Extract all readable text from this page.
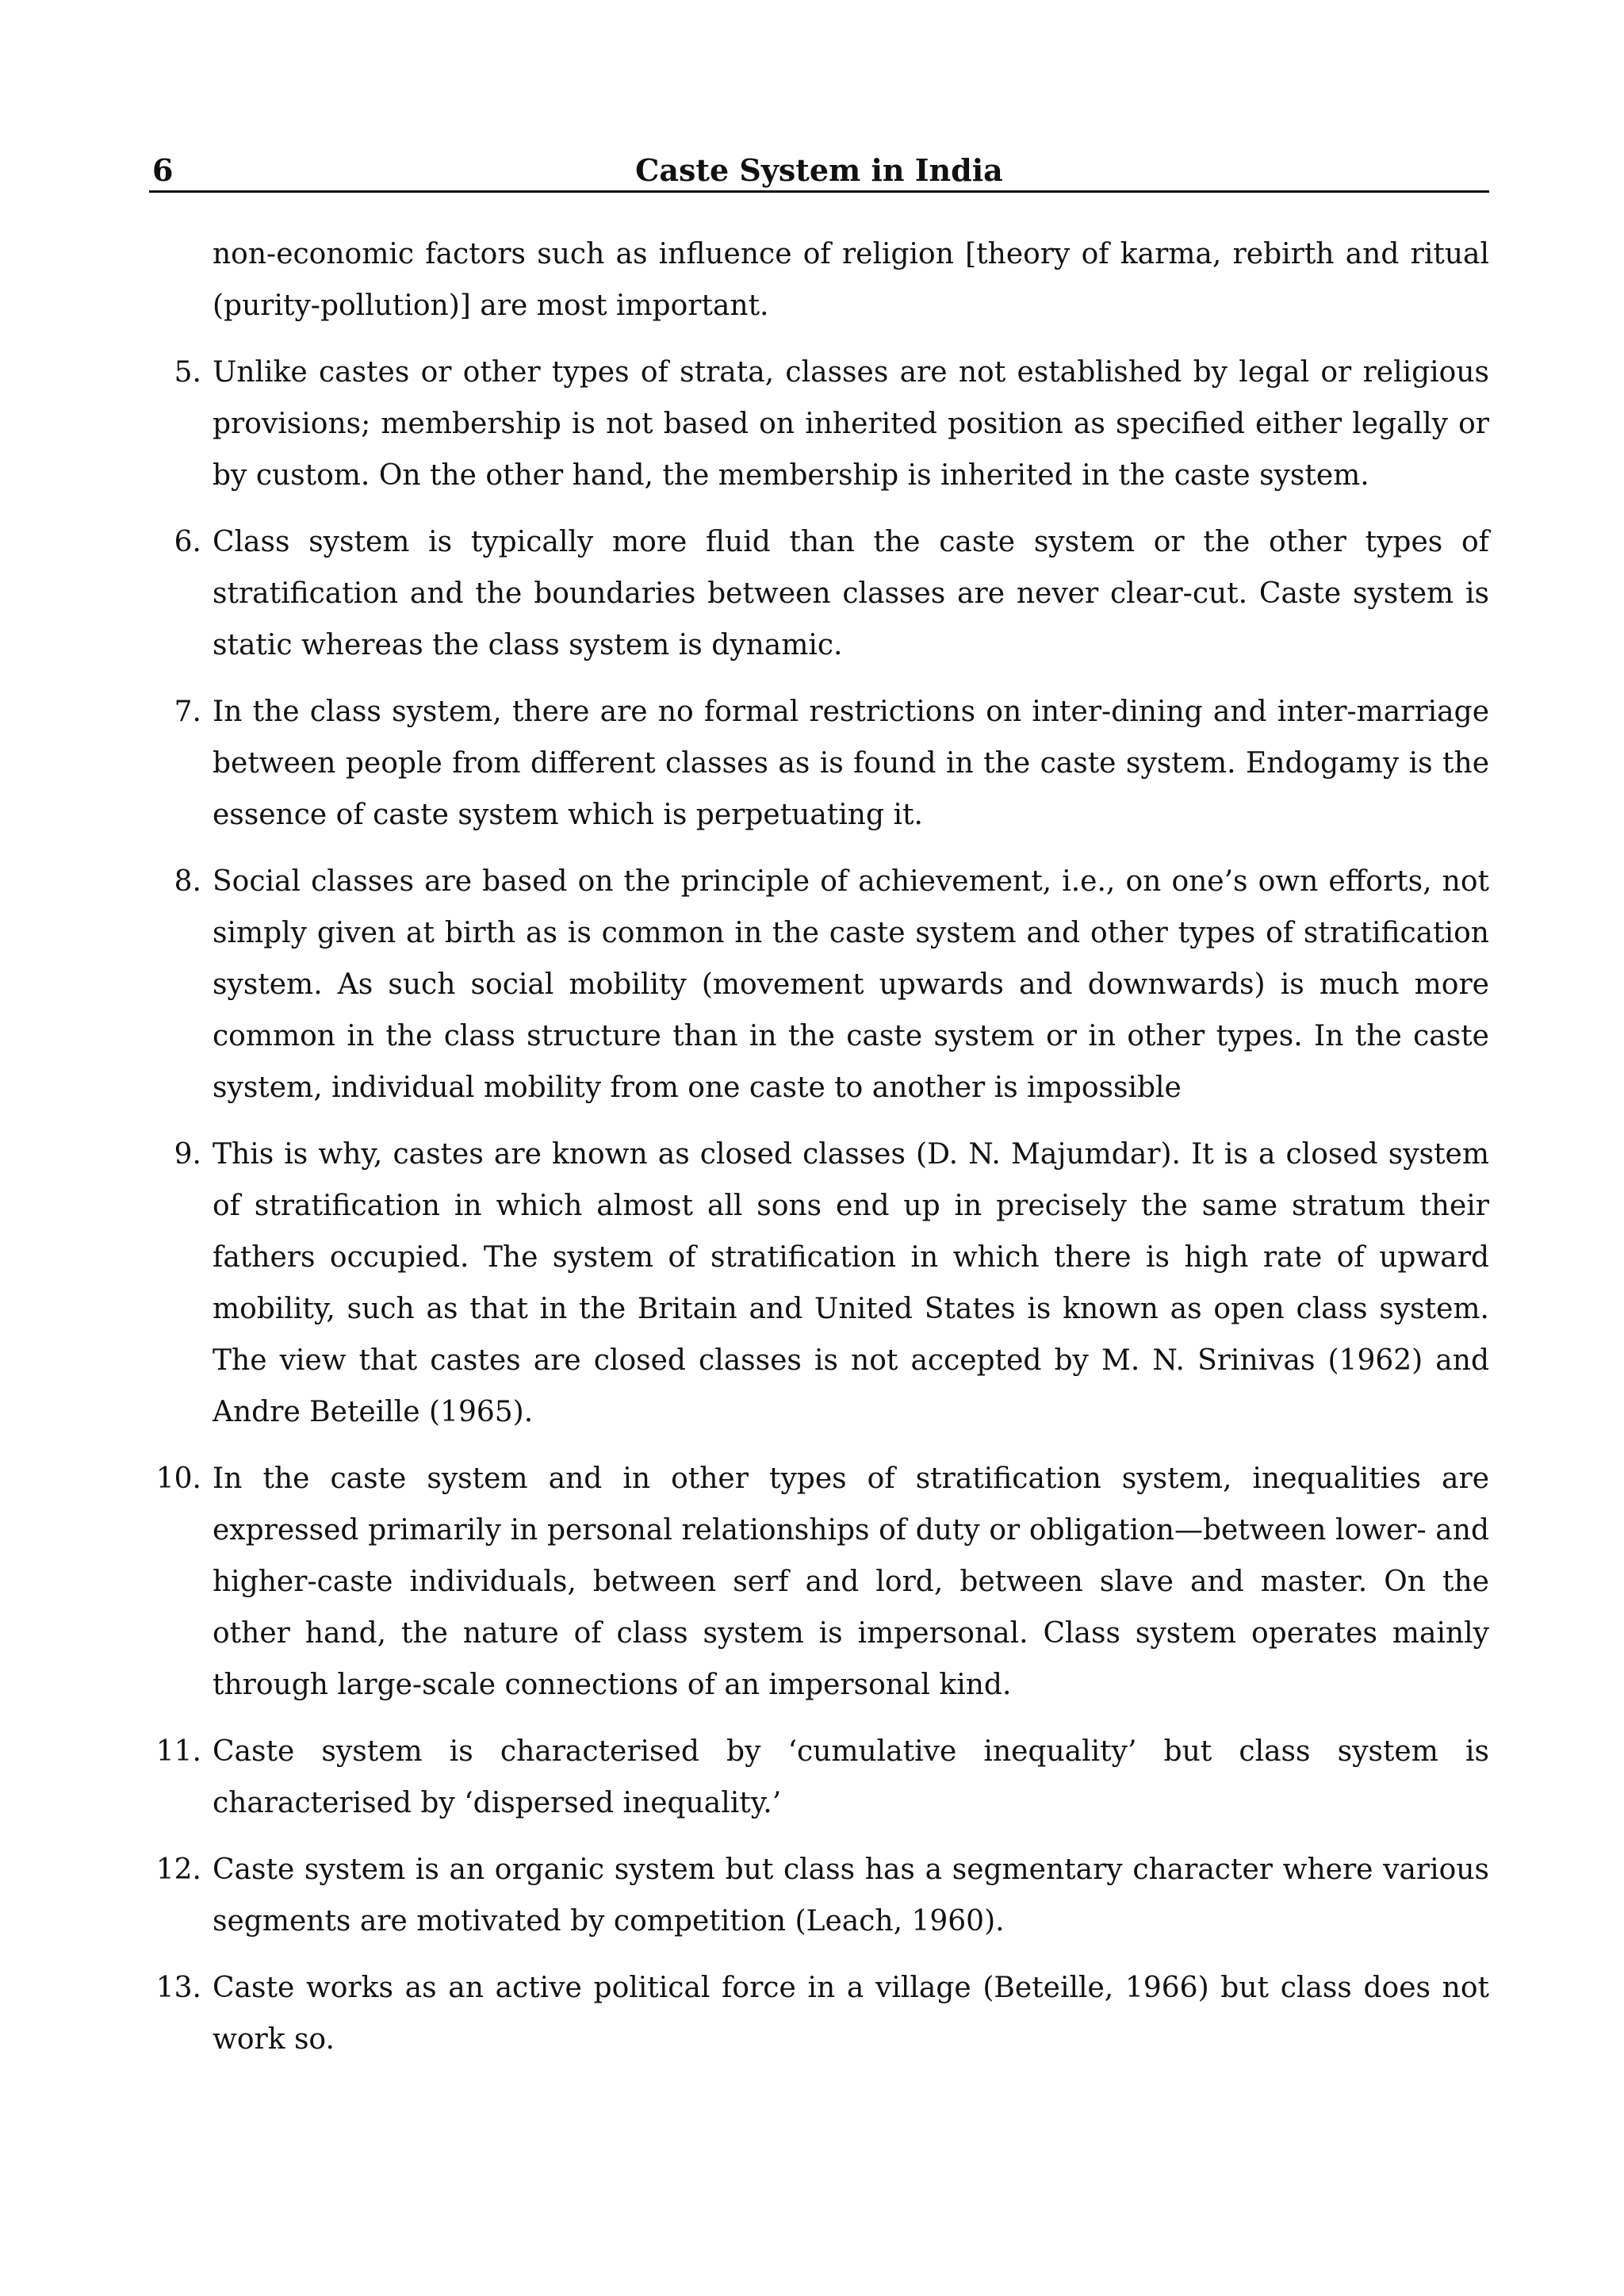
6	Caste System in India

non-economic factors such as influence of religion [theory of karma, rebirth and ritual (purity-pollution)] are most important.

5. Unlike castes or other types of strata, classes are not established by legal or religious provisions; membership is not based on inherited position as specified either legally or by custom. On the other hand, the membership is inherited in the caste system.
6. Class system is typically more fluid than the caste system or the other types of stratification and the boundaries between classes are never clear-cut. Caste system is static whereas the class system is dynamic.
7. In the class system, there are no formal restrictions on inter-dining and inter-marriage between people from different classes as is found in the caste system. Endogamy is the essence of caste system which is perpetuating it.
8. Social classes are based on the principle of achievement, i.e., on one’s own efforts, not simply given at birth as is common in the caste system and other types of stratification system. As such social mobility (movement upwards and downwards) is much more common in the class structure than in the caste system or in other types. In the caste system, individual mobility from one caste to another is impossible
9. This is why, castes are known as closed classes (D. N. Majumdar). It is a closed system of stratification in which almost all sons end up in precisely the same stratum their fathers occupied. The system of stratification in which there is high rate of upward mobility, such as that in the Britain and United States is known as open class system. The view that castes are closed classes is not accepted by M. N. Srinivas (1962) and Andre Beteille (1965).
10. In the caste system and in other types of stratification system, inequalities are expressed primarily in personal relationships of duty or obligation—between lower- and higher-caste individuals, between serf and lord, between slave and master. On the other hand, the nature of class system is impersonal. Class system operates mainly through large-scale connections of an impersonal kind.
11. Caste system is characterised by ‘cumulative inequality’ but class system is characterised by ‘dispersed inequality.’
12. Caste system is an organic system but class has a segmentary character where various segments are motivated by competition (Leach, 1960).
13. Caste works as an active political force in a village (Beteille, 1966) but class does not work so.
